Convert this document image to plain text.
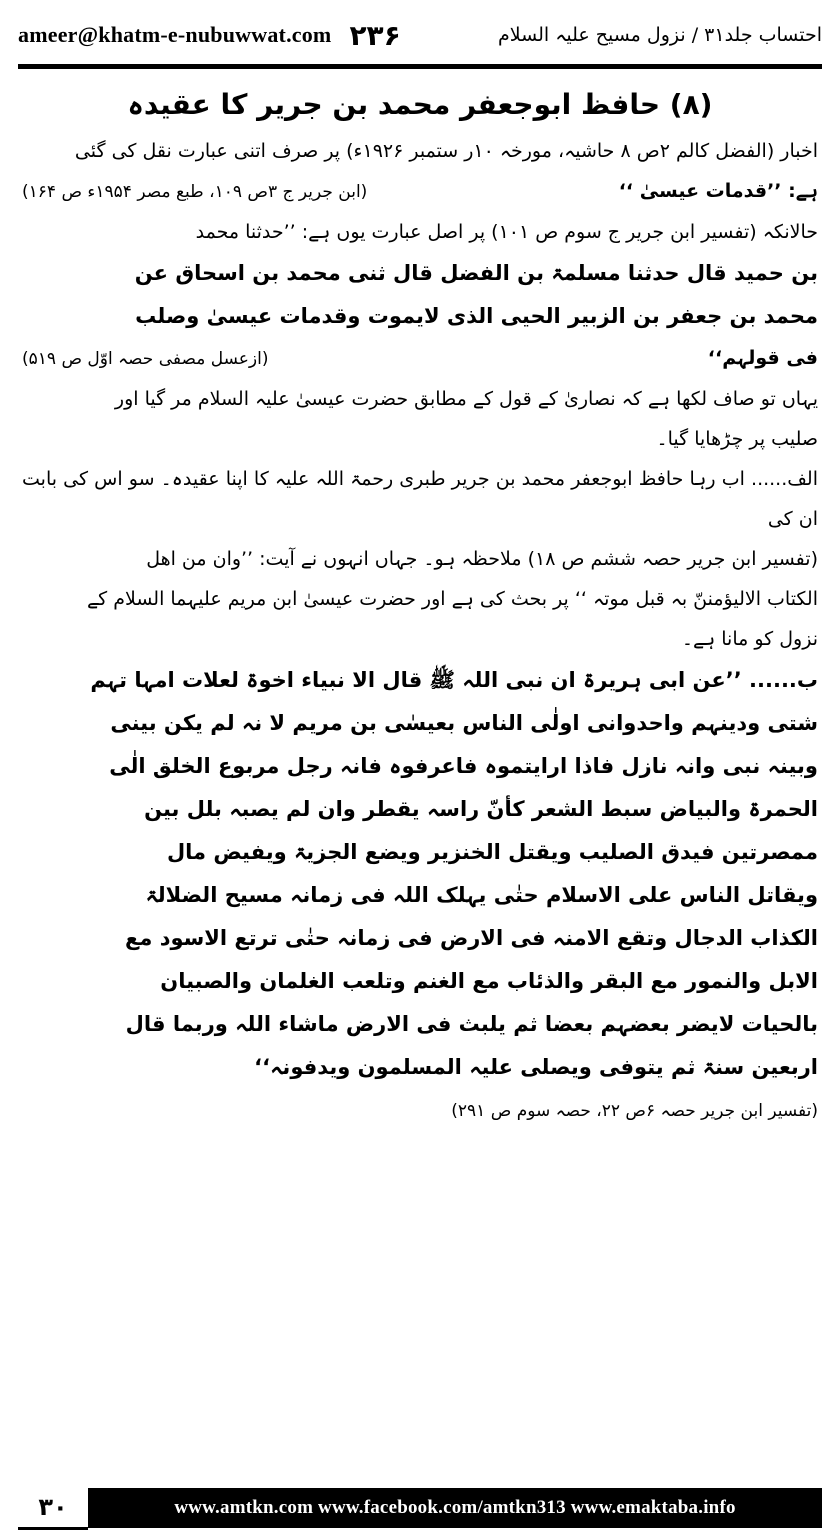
ameer@khatm-e-nubuwwat.com ۲۳۶	احتساب جلد۳۱ / نزول مسیح علیہ السلام
(۸) حافظ ابوجعفر محمد بن جریر کا عقیدہ

اخبار (الفضل کالم ۲ص ۸ حاشیہ، مورخہ ۱۰ر ستمبر ۱۹۲۶ء) پر صرف اتنی عبارت نقل کی گئی

ہے: ’’قدمات عیسیٰ ‘‘
(ابن جریر ج ۳ص ۱۰۹، طبع مصر ۱۹۵۴ء ص ۱۶۴)

حالانکہ (تفسیر ابن جریر ج سوم ص ۱۰۱) پر اصل عبارت یوں ہے: ’’حدثنا محمد

بن حمید قال حدثنا مسلمۃ بن الفضل قال ثنی محمد بن اسحاق عن

محمد بن جعفر بن الزبیر الحیی الذی لایموت وقدمات عیسیٰ وصلب

فی قولہم‘‘
(ازعسل مصفی حصہ اوّل ص ۵۱۹)

یہاں تو صاف لکھا ہے کہ نصاریٰ کے قول کے مطابق حضرت عیسیٰ علیہ السلام مر گیا اور

صلیب پر چڑھایا گیا۔

الف...... اب رہا حافظ ابوجعفر محمد بن جریر طبری رحمۃ اللہ علیہ کا اپنا عقیدہ۔ سو اس کی بابت ان کی

(تفسیر ابن جریر حصہ ششم ص ۱۸) ملاحظہ ہو۔ جہاں انہوں نے آیت: ’’وان من اھل

الکتاب الالیؤمننّ بہ قبل موتہ ‘‘ پر بحث کی ہے اور حضرت عیسیٰ ابن مریم علیہما السلام کے

نزول کو مانا ہے۔

ب...... ’’عن ابی ہریرۃ ان نبی اللہ ﷺ قال الا نبیاء اخوۃ لعلات امہا تہم

شتی ودینہم واحدوانی اولٰی الناس بعیسٰی بن مریم لا نہ لم یکن بینی

وبینہ نبی وانہ نازل فاذا ارایتموہ فاعرفوہ فانہ رجل مربوع الخلق الٰی

الحمرۃ والبیاض سبط الشعر کأنّ راسہ یقطر وان لم یصبہ بلل بین

ممصرتین فیدق الصلیب ویقتل الخنزیر ویضع الجزیۃ ویفیض مال

ویقاتل الناس علی الاسلام حتٰی یہلک اللہ فی زمانہ مسیح الضلالۃ

الکذاب الدجال وتقع الامنہ فی الارض فی زمانہ حتٰی ترتع الاسود مع

الابل والنمور مع البقر والذئاب مع الغنم وتلعب الغلمان والصبیان

بالحیات لایضر بعضہم بعضا ثم یلبث فی الارض ماشاء اللہ وربما قال

اربعین سنۃ ثم یتوفی ویصلی علیہ المسلمون ویدفونہ‘‘

(تفسیر ابن جریر حصہ ۶ص ۲۲، حصہ سوم ص ۲۹۱)
۳۰	www.amtkn.com www.facebook.com/amtkn313 www.emaktaba.info
